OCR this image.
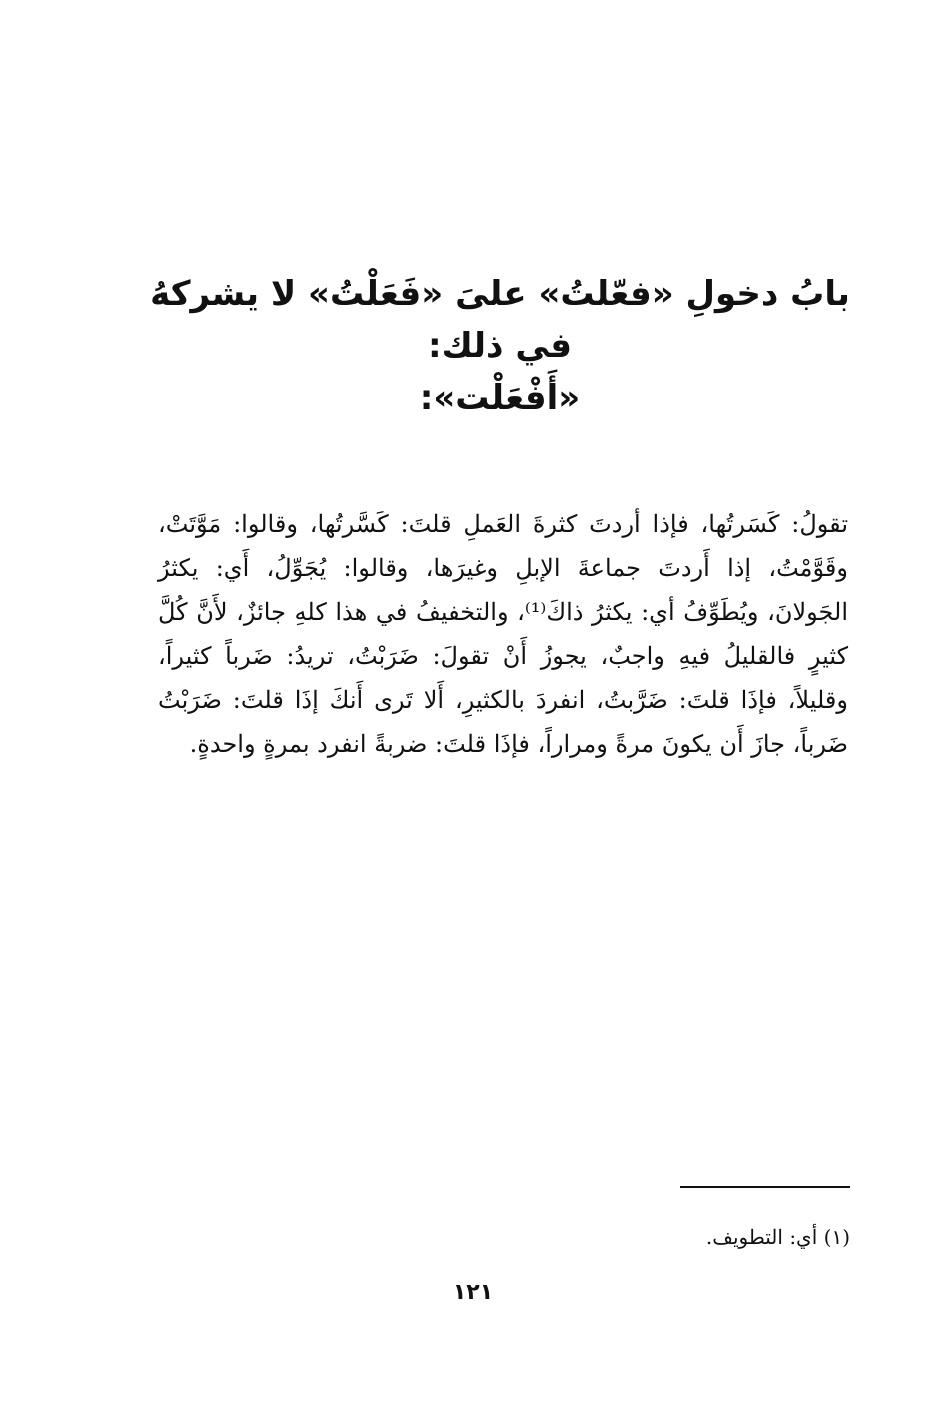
بابُ دخولِ «فعّلتُ» علىَ «فَعَلْتُ» لا يشركهُ في ذلك:
«أَفْعَلْت»:

تقولُ: كَسَرتُها، فإذا أردتَ كثرةَ العَملِ قلتَ: كَسَّرتُها، وقالوا: مَوَّتَتْ، وقَوَّمْتُ، إذا أَردتَ جماعةَ الإبلِ وغيرَها، وقالوا: يُجَوِّلُ، أَي: يكثرُ الجَولانَ، ويُطَوِّفُ أي: يكثرُ ذاكَ⁽¹⁾، والتخفيفُ في هذا كلهِ جائزٌ، لأَنَّ كُلَّ كثيرٍ فالقليلُ فيهِ واجبٌ، يجوزُ أَنْ تقولَ: ضَرَبْتُ، تريدُ: ضَرباً كثيراً، وقليلاً، فإذَا قلتَ: ضَرَّبتُ، انفردَ بالكثيرِ، أَلا تَرى أَنكَ إذَا قلتَ: ضَرَبْتُ ضَرباً، جازَ أَن يكونَ مرةً ومراراً، فإذَا قلتَ: ضربةً انفرد بمرةٍ واحدةٍ.

(١) أي: التطويف.

١٢١
